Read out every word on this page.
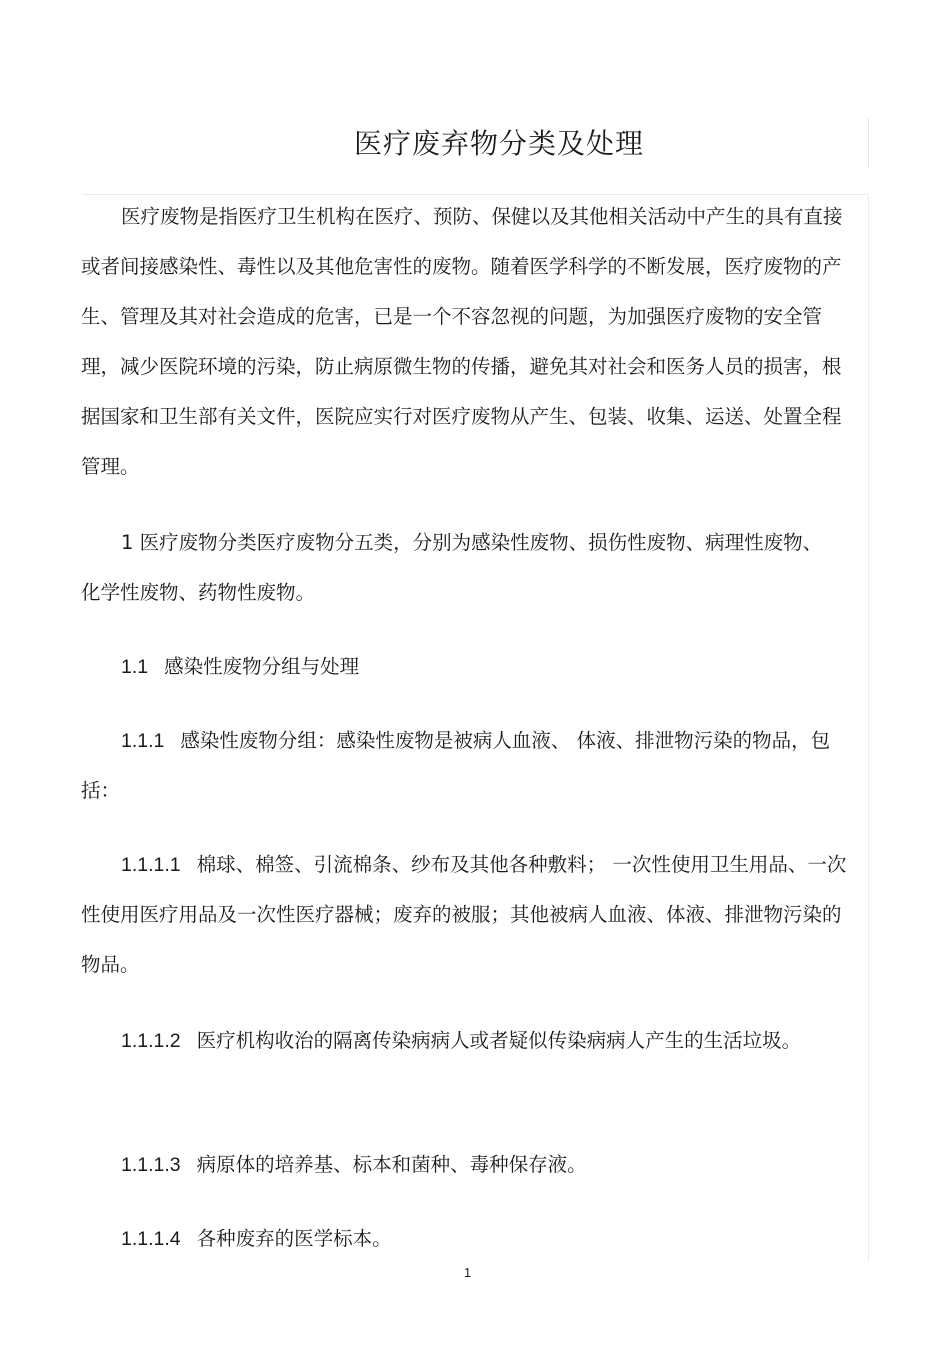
医疗废弃物分类及处理

医疗废物是指医疗卫生机构在医疗、预防、保健以及其他相关活动中产生的具有直接或者间接感染性、毒性以及其他危害性的废物。随着医学科学的不断发展，医疗废物的产生、管理及其对社会造成的危害，已是一个不容忽视的问题，为加强医疗废物的安全管理，减少医院环境的污染，防止病原微生物的传播，避免其对社会和医务人员的损害，根据国家和卫生部有关文件，医院应实行对医疗废物从产生、包装、收集、运送、处置全程管理。

1 医疗废物分类医疗废物分五类，分别为感染性废物、损伤性废物、病理性废物、化学性废物、药物性废物。

1.1 感染性废物分组与处理

1.1.1 感染性废物分组：感染性废物是被病人血液、 体液、排泄物污染的物品，包括：

1.1.1.1 棉球、棉签、引流棉条、纱布及其他各种敷料； 一次性使用卫生用品、一次性使用医疗用品及一次性医疗器械；废弃的被服；其他被病人血液、体液、排泄物污染的物品。

1.1.1.2 医疗机构收治的隔离传染病病人或者疑似传染病病人产生的生活垃圾。

1.1.1.3 病原体的培养基、标本和菌种、毒种保存液。

1.1.1.4 各种废弃的医学标本。

1
